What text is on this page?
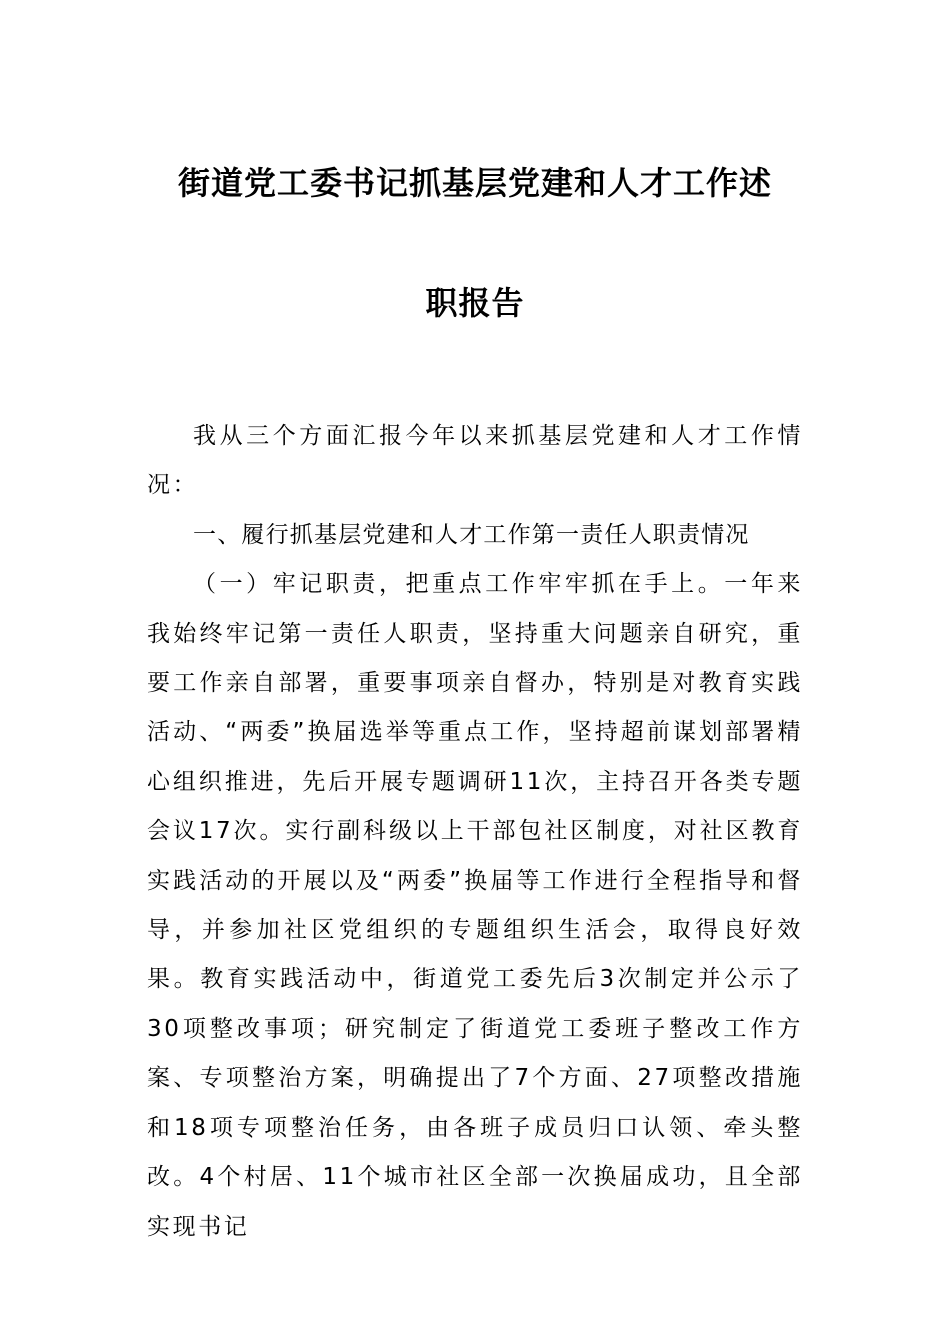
街道党工委书记抓基层党建和人才工作述
职报告

我从三个方面汇报今年以来抓基层党建和人才工作情况：

一、履行抓基层党建和人才工作第一责任人职责情况

（一）牢记职责，把重点工作牢牢抓在手上。一年来我始终牢记第一责任人职责，坚持重大问题亲自研究，重要工作亲自部署，重要事项亲自督办，特别是对教育实践活动、“两委”换届选举等重点工作，坚持超前谋划部署精心组织推进，先后开展专题调研11次，主持召开各类专题会议17次。实行副科级以上干部包社区制度，对社区教育实践活动的开展以及“两委”换届等工作进行全程指导和督导，并参加社区党组织的专题组织生活会，取得良好效果。教育实践活动中，街道党工委先后3次制定并公示了30项整改事项；研究制定了街道党工委班子整改工作方案、专项整治方案，明确提出了7个方面、27项整改措施和18项专项整治任务，由各班子成员归口认领、牵头整改。4个村居、11个城市社区全部一次换届成功，且全部实现书记
